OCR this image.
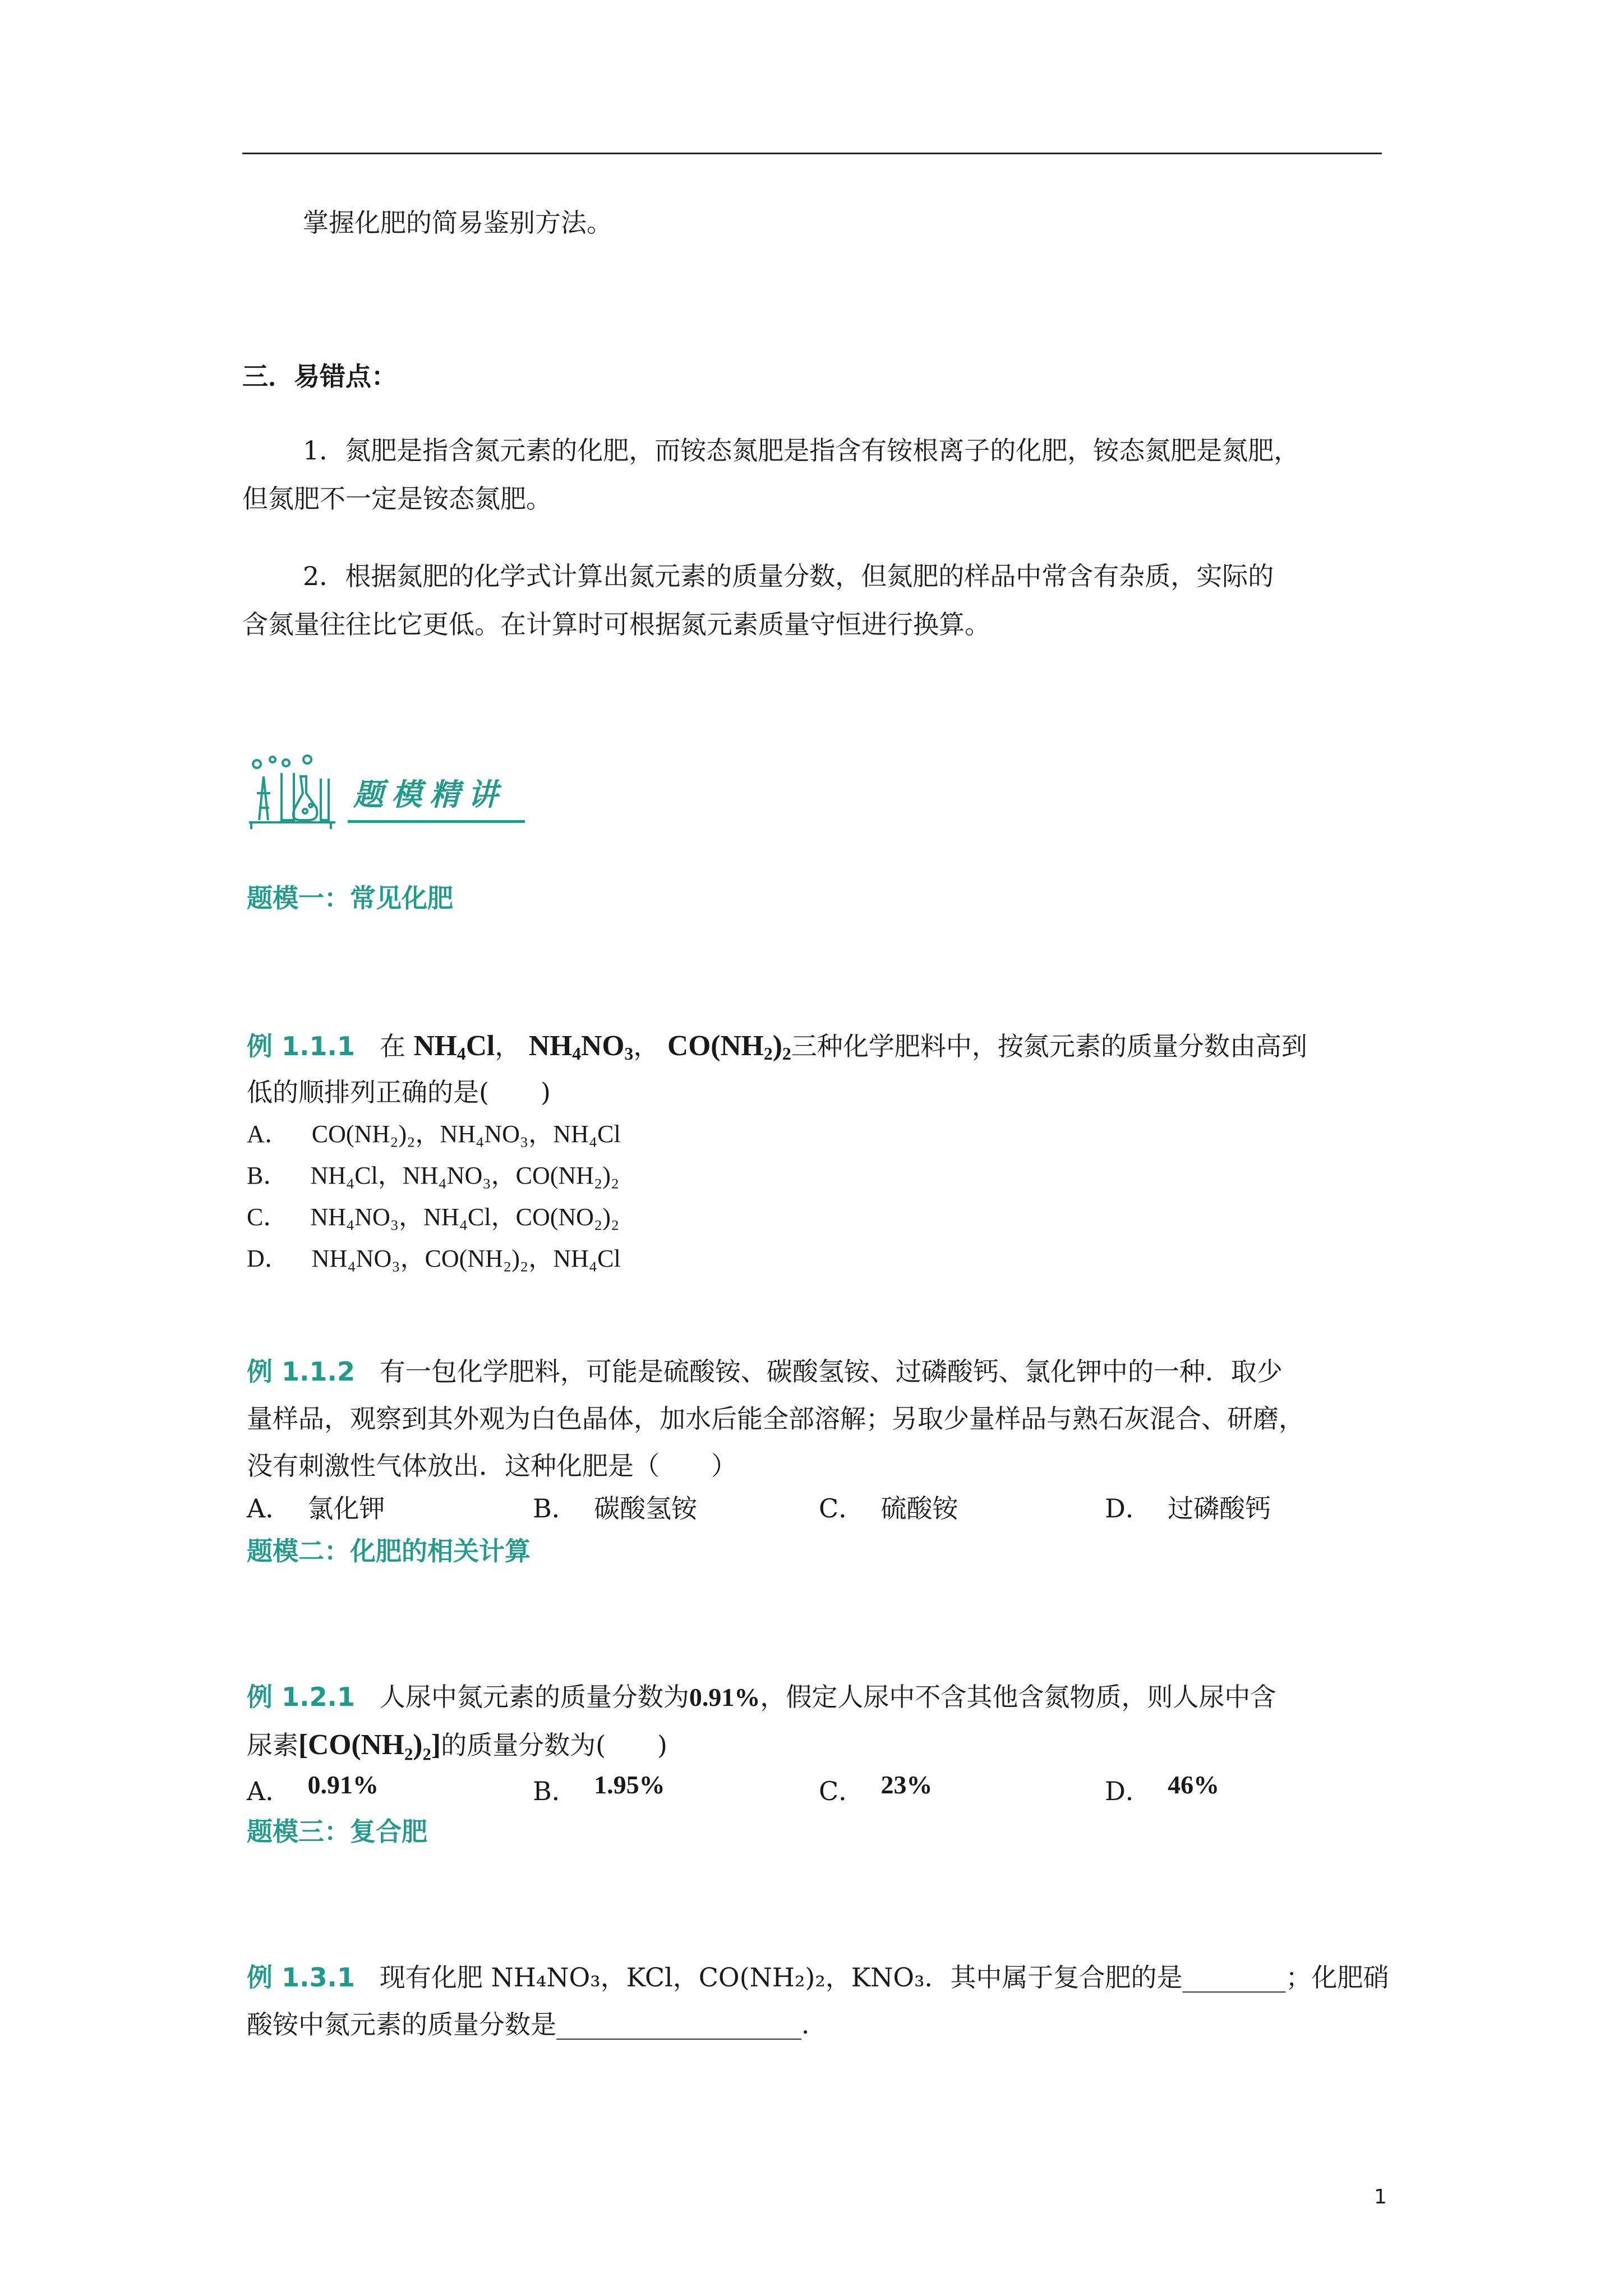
掌握化肥的简易鉴别方法。
三．易错点：
1．氮肥是指含氮元素的化肥，而铵态氮肥是指含有铵根离子的化肥，铵态氮肥是氮肥，
但氮肥不一定是铵态氮肥。
2．根据氮肥的化学式计算出氮元素的质量分数，但氮肥的样品中常含有杂质，实际的
含氮量往往比它更低。在计算时可根据氮元素质量守恒进行换算。
题模精讲
题模一：常见化肥
例 1.1.1 在 $NH_4Cl$， $NH_4NO_3$， $CO(NH_2)_2$三种化学肥料中，按氮元素的质量分数由高到
低的顺排列正确的是(　　)
A． CO(NH₂)₂，NH₄NO₃，NH₄Cl
B． NH₄Cl，NH₄NO₃，CO(NH₂)₂
C． NH₄NO₃，NH₄Cl，CO(NO₂)₂
D． NH₄NO₃，CO(NH₂)₂，NH₄Cl
例 1.1.2 有一包化学肥料，可能是硫酸铵、碳酸氢铵、过磷酸钙、氯化钾中的一种．取少
量样品，观察到其外观为白色晶体，加水后能全部溶解；另取少量样品与熟石灰混合、研磨，
没有刺激性气体放出．这种化肥是（　　）
A． 氯化钾	B． 碳酸氢铵	C． 硫酸铵	D． 过磷酸钙
题模二：化肥的相关计算
例 1.2.1 人尿中氮元素的质量分数为0.91%，假定人尿中不含其他含氮物质，则人尿中含
尿素[CO(NH₂)₂]的质量分数为(　　)
A． 0.91%	B． 1.95%	C． 23%	D． 46%
题模三：复合肥
例 1.3.1 现有化肥 NH₄NO₃，KCl，CO(NH₂)₂，KNO₃．其中属于复合肥的是________；化肥硝
酸铵中氮元素的质量分数是___________________．
1
